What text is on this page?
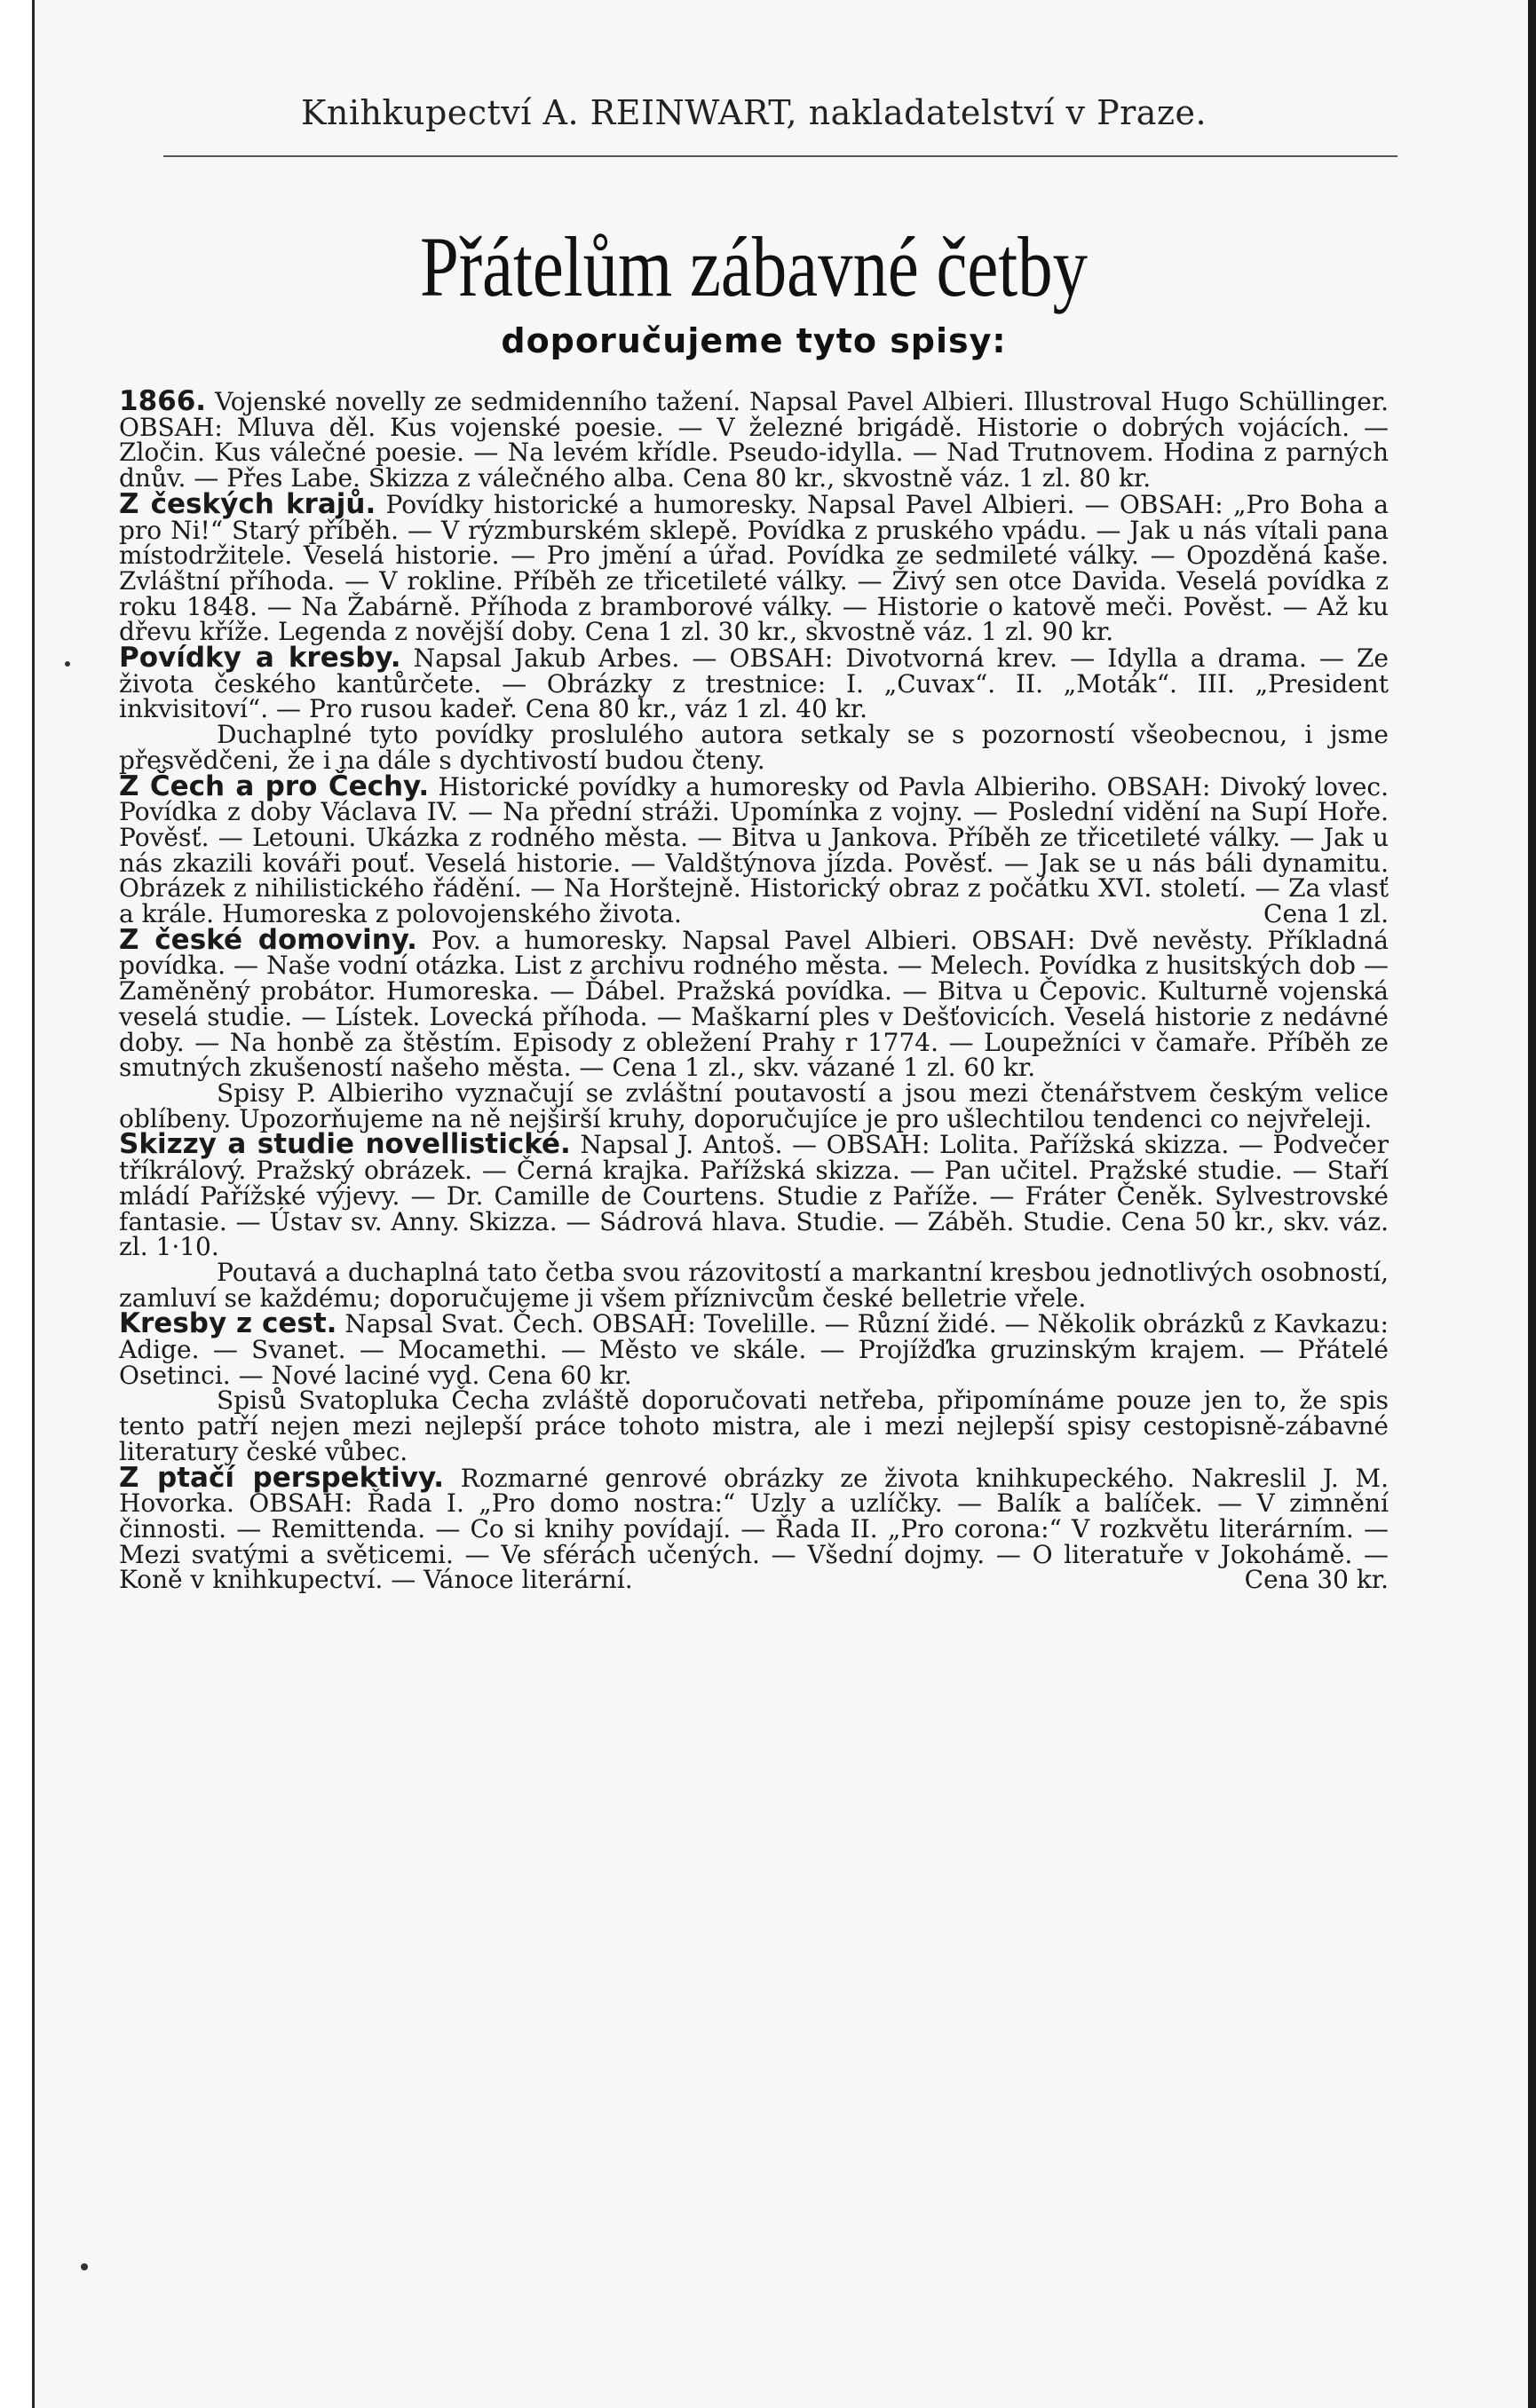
Knihkupectví A. REINWART, nakladatelství v Praze.
Přátelům zábavné četby
doporučujeme tyto spisy:

1866. Vojenské novelly ze sedmidenního tažení. Napsal Pavel Albieri. Illustroval Hugo Schüllinger. OBSAH: Mluva děl. Kus vojenské poesie. — V železné brigádě. Historie o dobrých vojácích. — Zločin. Kus válečné poesie. — Na levém křídle. Pseudo-idylla. — Nad Trutnovem. Hodina z parných dnův. — Přes Labe. Skizza z válečného alba. Cena 80 kr., skvostně váz. 1 zl. 80 kr.

Z českých krajů. Povídky historické a humoresky. Napsal Pavel Albieri. — OBSAH: „Pro Boha a pro Ni!“ Starý příběh. — V rýzmburském sklepě. Povídka z pruského vpádu. — Jak u nás vítali pana místodržitele. Veselá historie. — Pro jmění a úřad. Povídka ze sedmileté války. — Opozděná kaše. Zvláštní příhoda. — V rokline. Příběh ze třicetileté války. — Živý sen otce Davida. Veselá povídka z roku 1848. — Na Žabárně. Příhoda z bramborové války. — Historie o katově meči. Pověst. — Až ku dřevu kříže. Legenda z novější doby. Cena 1 zl. 30 kr., skvostně váz. 1 zl. 90 kr.

Povídky a kresby. Napsal Jakub Arbes. — OBSAH: Divotvorná krev. — Idylla a drama. — Ze života českého kantůrčete. — Obrázky z trestnice: I. „Cuvax“. II. „Moták“. III. „President inkvisitoví“. — Pro rusou kadeř. Cena 80 kr., váz 1 zl. 40 kr.

Duchaplné tyto povídky proslulého autora setkaly se s pozorností všeobecnou, i jsme přesvědčeni, že i na dále s dychtivostí budou čteny.

Z Čech a pro Čechy. Historické povídky a humoresky od Pavla Albieriho. OBSAH: Divoký lovec. Povídka z doby Václava IV. — Na přední stráži. Upomínka z vojny. — Poslední vidění na Supí Hoře. Pověsť. — Letouni. Ukázka z rodného města. — Bitva u Jankova. Příběh ze třicetileté války. — Jak u nás zkazili kováři pouť. Veselá historie. — Valdštýnova jízda. Pověsť. — Jak se u nás báli dynamitu. Obrázek z nihilistického řádění. — Na Horštejně. Historický obraz z počátku XVI. století. — Za vlasť a krále. Humoreska z polovojenského života.	Cena 1 zl.

Z české domoviny. Pov. a humoresky. Napsal Pavel Albieri. OBSAH: Dvě nevěsty. Příkladná povídka. — Naše vodní otázka. List z archivu rodného města. — Melech. Povídka z husitských dob — Zaměněný probátor. Humoreska. — Ďábel. Pražská povídka. — Bitva u Čepovic. Kulturně vojenská veselá studie. — Lístek. Lovecká příhoda. — Maškarní ples v Dešťovicích. Veselá historie z nedávné doby. — Na honbě za štěstím. Episody z obležení Prahy r 1774. — Loupežníci v čamaře. Příběh ze smutných zkušeností našeho města. — Cena 1 zl., skv. vázané 1 zl. 60 kr.

Spisy P. Albieriho vyznačují se zvláštní poutavostí a jsou mezi čtenářstvem českým velice oblíbeny. Upozorňujeme na ně nejširší kruhy, doporučujíce je pro ušlechtilou tendenci co nejvřeleji.

Skizzy a studie novellistické. Napsal J. Antoš. — OBSAH: Lolita. Pařížská skizza. — Podvečer tříkrálový. Pražský obrázek. — Černá krajka. Pařížská skizza. — Pan učitel. Pražské studie. — Staří mládí Pařížské výjevy. — Dr. Camille de Courtens. Studie z Paříže. — Fráter Čeněk. Sylvestrovské fantasie. — Ústav sv. Anny. Skizza. — Sádrová hlava. Studie. — Záběh. Studie. Cena 50 kr., skv. váz. zl. 1·10.

Poutavá a duchaplná tato četba svou rázovitostí a markantní kresbou jednotlivých osobností, zamluví se každému; doporučujeme ji všem příznivcům české belletrie vřele.

Kresby z cest. Napsal Svat. Čech. OBSAH: Tovelille. — Různí židé. — Několik obrázků z Kavkazu: Adige. — Svanet. — Mocamethi. — Město ve skále. — Projížďka gruzinským krajem. — Přátelé Osetinci. — Nové laciné vyd. Cena 60 kr.

Spisů Svatopluka Čecha zvláště doporučovati netřeba, připomínáme pouze jen to, že spis tento patří nejen mezi nejlepší práce tohoto mistra, ale i mezi nejlepší spisy cestopisně-zábavné literatury české vůbec.

Z ptačí perspektivy. Rozmarné genrové obrázky ze života knihkupeckého. Nakreslil J. M. Hovorka. OBSAH: Řada I. „Pro domo nostra:“ Uzly a uzlíčky. — Balík a balíček. — V zimnění činnosti. — Remittenda. — Co si knihy povídají. — Řada II. „Pro corona:“ V rozkvětu literárním. — Mezi svatými a světicemi. — Ve sférách učených. — Všední dojmy. — O literatuře v Jokohámě. — Koně v knihkupectví. — Vánoce literární.	Cena 30 kr.
